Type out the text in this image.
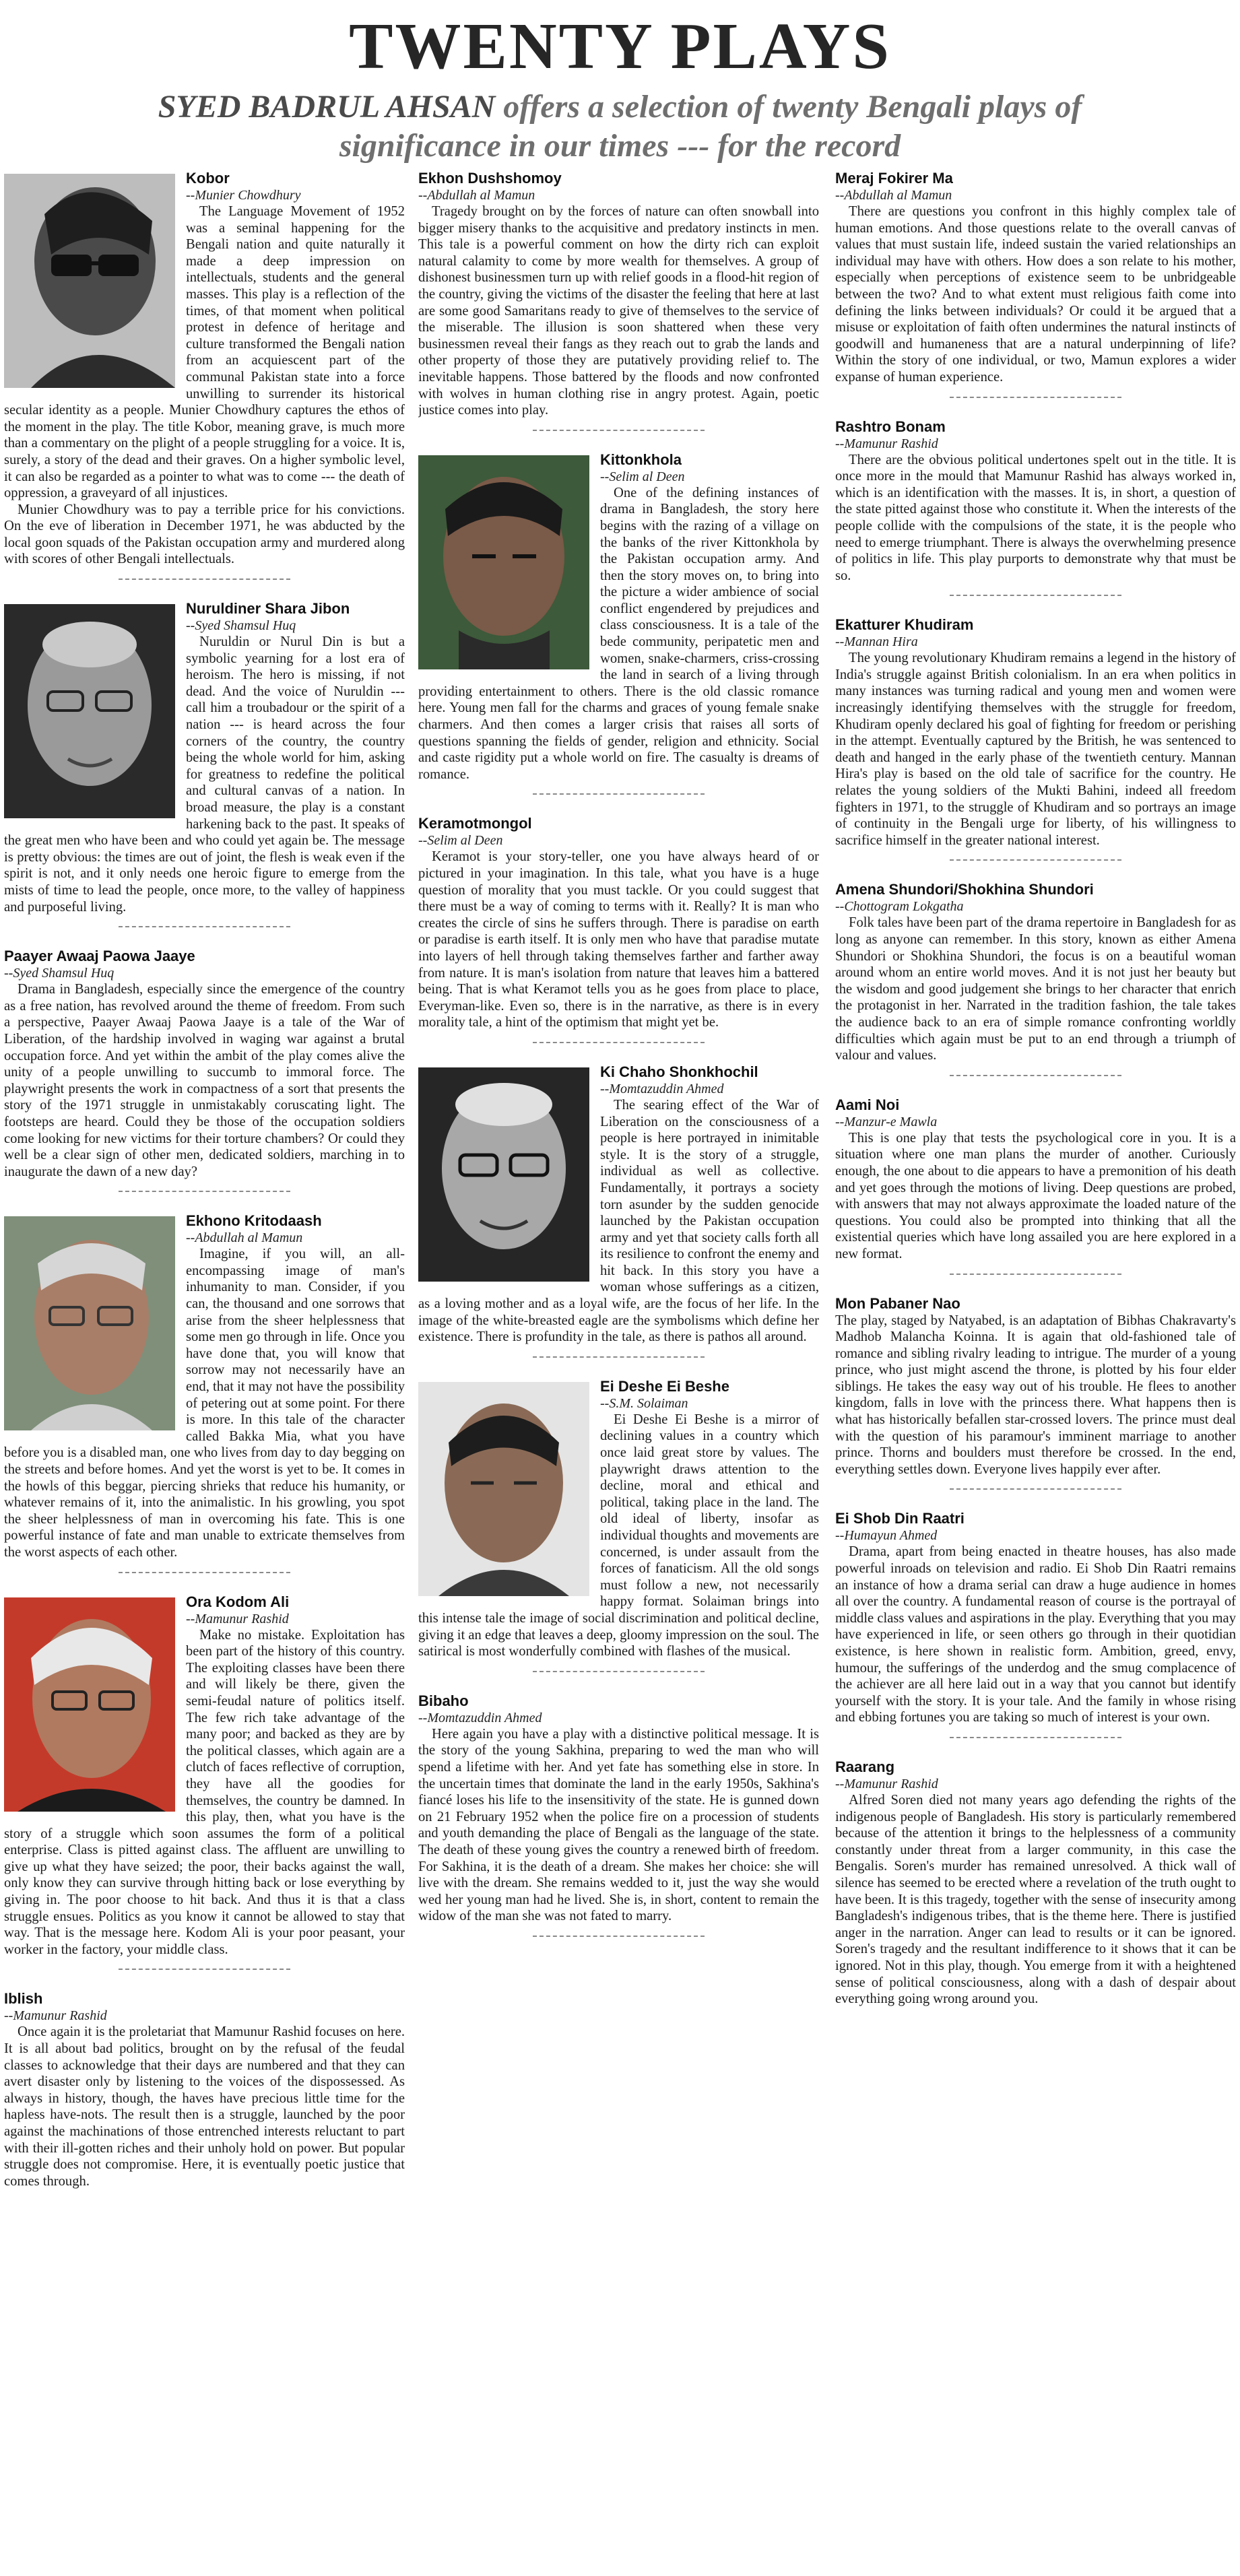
TWENTY PLAYS
SYED BADRUL AHSAN offers a selection of twenty Bengali plays of significance in our times --- for the record
Kobor

--Munier Chowdhury

The Language Movement of 1952 was a seminal happening for the Bengali nation and quite naturally it made a deep impression on intellectuals, students and the general masses. This play is a reflection of the times, of that moment when political protest in defence of heritage and culture transformed the Bengali nation from an acquiescent part of the communal Pakistan state into a force unwilling to surrender its historical secular identity as a people. Munier Chowdhury captures the ethos of the moment in the play. The title Kobor, meaning grave, is much more than a commentary on the plight of a people struggling for a voice. It is, surely, a story of the dead and their graves. On a higher symbolic level, it can also be regarded as a pointer to what was to come --- the death of oppression, a graveyard of all injustices.

Munier Chowdhury was to pay a terrible price for his convictions. On the eve of liberation in December 1971, he was abducted by the local goon squads of the Pakistan occupation army and murdered along with scores of other Bengali intellectuals.

Nuruldiner Shara Jibon

--Syed Shamsul Huq

Nuruldin or Nurul Din is but a symbolic yearning for a lost era of heroism. The hero is missing, if not dead. And the voice of Nuruldin --- call him a troubadour or the spirit of a nation --- is heard across the four corners of the country, the country being the whole world for him, asking for greatness to redefine the political and cultural canvas of a nation. In broad measure, the play is a constant harkening back to the past. It speaks of the great men who have been and who could yet again be. The message is pretty obvious: the times are out of joint, the flesh is weak even if the spirit is not, and it only needs one heroic figure to emerge from the mists of time to lead the people, once more, to the valley of happiness and purposeful living.

Paayer Awaaj Paowa Jaaye

--Syed Shamsul Huq

Drama in Bangladesh, especially since the emergence of the country as a free nation, has revolved around the theme of freedom. From such a perspective, Paayer Awaaj Paowa Jaaye is a tale of the War of Liberation, of the hardship involved in waging war against a brutal occupation force. And yet within the ambit of the play comes alive the unity of a people unwilling to succumb to immoral force. The playwright presents the work in compactness of a sort that presents the story of the 1971 struggle in unmistakably coruscating light. The footsteps are heard. Could they be those of the occupation soldiers come looking for new victims for their torture chambers? Or could they well be a clear sign of other men, dedicated soldiers, marching in to inaugurate the dawn of a new day?

Ekhono Kritodaash

--Abdullah al Mamun

Imagine, if you will, an all-encompassing image of man's inhumanity to man. Consider, if you can, the thousand and one sorrows that arise from the sheer helplessness that some men go through in life. Once you have done that, you will know that sorrow may not necessarily have an end, that it may not have the possibility of petering out at some point. For there is more. In this tale of the character called Bakka Mia, what you have before you is a disabled man, one who lives from day to day begging on the streets and before homes. And yet the worst is yet to be. It comes in the howls of this beggar, piercing shrieks that reduce his humanity, or whatever remains of it, into the animalistic. In his growling, you spot the sheer helplessness of man in overcoming his fate. This is one powerful instance of fate and man unable to extricate themselves from the worst aspects of each other.

Ora Kodom Ali

--Mamunur Rashid

Make no mistake. Exploitation has been part of the history of this country. The exploiting classes have been there and will likely be there, given the semi-feudal nature of politics itself. The few rich take advantage of the many poor; and backed as they are by the political classes, which again are a clutch of faces reflective of corruption, they have all the goodies for themselves, the country be damned. In this play, then, what you have is the story of a struggle which soon assumes the form of a political enterprise. Class is pitted against class. The affluent are unwilling to give up what they have seized; the poor, their backs against the wall, only know they can survive through hitting back or lose everything by giving in. The poor choose to hit back. And thus it is that a class struggle ensues. Politics as you know it cannot be allowed to stay that way. That is the message here. Kodom Ali is your poor peasant, your worker in the factory, your middle class.

Iblish

--Mamunur Rashid

Once again it is the proletariat that Mamunur Rashid focuses on here. It is all about bad politics, brought on by the refusal of the feudal classes to acknowledge that their days are numbered and that they can avert disaster only by listening to the voices of the dispossessed. As always in history, though, the haves have precious little time for the hapless have-nots. The result then is a struggle, launched by the poor against the machinations of those entrenched interests reluctant to part with their ill-gotten riches and their unholy hold on power. But popular struggle does not compromise. Here, it is eventually poetic justice that comes through.

Ekhon Dushshomoy

--Abdullah al Mamun

Tragedy brought on by the forces of nature can often snowball into bigger misery thanks to the acquisitive and predatory instincts in men. This tale is a powerful comment on how the dirty rich can exploit natural calamity to come by more wealth for themselves. A group of dishonest businessmen turn up with relief goods in a flood-hit region of the country, giving the victims of the disaster the feeling that here at last are some good Samaritans ready to give of themselves to the service of the miserable. The illusion is soon shattered when these very businessmen reveal their fangs as they reach out to grab the lands and other property of those they are putatively providing relief to. The inevitable happens. Those battered by the floods and now confronted with wolves in human clothing rise in angry protest. Again, poetic justice comes into play.

Kittonkhola

--Selim al Deen

One of the defining instances of drama in Bangladesh, the story here begins with the razing of a village on the banks of the river Kittonkhola by the Pakistan occupation army. And then the story moves on, to bring into the picture a wider ambience of social conflict engendered by prejudices and class consciousness. It is a tale of the bede community, peripatetic men and women, snake-charmers, criss-crossing the land in search of a living through providing entertainment to others. There is the old classic romance here. Young men fall for the charms and graces of young female snake charmers. And then comes a larger crisis that raises all sorts of questions spanning the fields of gender, religion and ethnicity. Social and caste rigidity put a whole world on fire. The casualty is dreams of romance.

Keramotmongol

--Selim al Deen

Keramot is your story-teller, one you have always heard of or pictured in your imagination. In this tale, what you have is a huge question of morality that you must tackle. Or you could suggest that there must be a way of coming to terms with it. Really? It is man who creates the circle of sins he suffers through. There is paradise on earth or paradise is earth itself. It is only men who have that paradise mutate into layers of hell through taking themselves farther and farther away from nature. It is man's isolation from nature that leaves him a battered being. That is what Keramot tells you as he goes from place to place, Everyman-like. Even so, there is in the narrative, as there is in every morality tale, a hint of the optimism that might yet be.

Ki Chaho Shonkhochil

--Momtazuddin Ahmed

The searing effect of the War of Liberation on the consciousness of a people is here portrayed in inimitable style. It is the story of a struggle, individual as well as collective. Fundamentally, it portrays a society torn asunder by the sudden genocide launched by the Pakistan occupation army and yet that society calls forth all its resilience to confront the enemy and hit back. In this story you have a woman whose sufferings as a citizen, as a loving mother and as a loyal wife, are the focus of her life. In the image of the white-breasted eagle are the symbolisms which define her existence. There is profundity in the tale, as there is pathos all around.

Ei Deshe Ei Beshe

--S.M. Solaiman

Ei Deshe Ei Beshe is a mirror of declining values in a country which once laid great store by values. The playwright draws attention to the decline, moral and ethical and political, taking place in the land. The old ideal of liberty, insofar as individual thoughts and movements are concerned, is under assault from the forces of fanaticism. All the old songs must follow a new, not necessarily happy format. Solaiman brings into this intense tale the image of social discrimination and political decline, giving it an edge that leaves a deep, gloomy impression on the soul. The satirical is most wonderfully combined with flashes of the musical.

Bibaho

--Momtazuddin Ahmed

Here again you have a play with a distinctive political message. It is the story of the young Sakhina, preparing to wed the man who will spend a lifetime with her. And yet fate has something else in store. In the uncertain times that dominate the land in the early 1950s, Sakhina's fiancé loses his life to the insensitivity of the state. He is gunned down on 21 February 1952 when the police fire on a procession of students and youth demanding the place of Bengali as the language of the state. The death of these young gives the country a renewed birth of freedom. For Sakhina, it is the death of a dream. She makes her choice: she will live with the dream. She remains wedded to it, just the way she would wed her young man had he lived. She is, in short, content to remain the widow of the man she was not fated to marry.

Meraj Fokirer Ma

--Abdullah al Mamun

There are questions you confront in this highly complex tale of human emotions. And those questions relate to the overall canvas of values that must sustain life, indeed sustain the varied relationships an individual may have with others. How does a son relate to his mother, especially when perceptions of existence seem to be unbridgeable between the two? And to what extent must religious faith come into defining the links between individuals? Or could it be argued that a misuse or exploitation of faith often undermines the natural instincts of goodwill and humaneness that are a natural underpinning of life? Within the story of one individual, or two, Mamun explores a wider expanse of human experience.

Rashtro Bonam

--Mamunur Rashid

There are the obvious political undertones spelt out in the title. It is once more in the mould that Mamunur Rashid has always worked in, which is an identification with the masses. It is, in short, a question of the state pitted against those who constitute it. When the interests of the people collide with the compulsions of the state, it is the people who need to emerge triumphant. There is always the overwhelming presence of politics in life. This play purports to demonstrate why that must be so.

Ekatturer Khudiram

--Mannan Hira

The young revolutionary Khudiram remains a legend in the history of India's struggle against British colonialism. In an era when politics in many instances was turning radical and young men and women were increasingly identifying themselves with the struggle for freedom, Khudiram openly declared his goal of fighting for freedom or perishing in the attempt. Eventually captured by the British, he was sentenced to death and hanged in the early phase of the twentieth century. Mannan Hira's play is based on the old tale of sacrifice for the country. He relates the young soldiers of the Mukti Bahini, indeed all freedom fighters in 1971, to the struggle of Khudiram and so portrays an image of continuity in the Bengali urge for liberty, of his willingness to sacrifice himself in the greater national interest.

Amena Shundori/Shokhina Shundori

--Chottogram Lokgatha

Folk tales have been part of the drama repertoire in Bangladesh for as long as anyone can remember. In this story, known as either Amena Shundori or Shokhina Shundori, the focus is on a beautiful woman around whom an entire world moves. And it is not just her beauty but the wisdom and good judgement she brings to her character that enrich the protagonist in her. Narrated in the tradition fashion, the tale takes the audience back to an era of simple romance confronting worldly difficulties which again must be put to an end through a triumph of valour and values.

Aami Noi

--Manzur-e Mawla

This is one play that tests the psychological core in you. It is a situation where one man plans the murder of another. Curiously enough, the one about to die appears to have a premonition of his death and yet goes through the motions of living. Deep questions are probed, with answers that may not always approximate the loaded nature of the questions. You could also be prompted into thinking that all the existential queries which have long assailed you are here explored in a new format.

Mon Pabaner Nao

The play, staged by Natyabed, is an adaptation of Bibhas Chakravarty's Madhob Malancha Koinna. It is again that old-fashioned tale of romance and sibling rivalry leading to intrigue. The murder of a young prince, who just might ascend the throne, is plotted by his four elder siblings. He takes the easy way out of his trouble. He flees to another kingdom, falls in love with the princess there. What happens then is what has historically befallen star-crossed lovers. The prince must deal with the question of his paramour's imminent marriage to another prince. Thorns and boulders must therefore be crossed. In the end, everything settles down. Everyone lives happily ever after.

Ei Shob Din Raatri

--Humayun Ahmed

Drama, apart from being enacted in theatre houses, has also made powerful inroads on television and radio. Ei Shob Din Raatri remains an instance of how a drama serial can draw a huge audience in homes all over the country. A fundamental reason of course is the portrayal of middle class values and aspirations in the play. Everything that you may have experienced in life, or seen others go through in their quotidian existence, is here shown in realistic form. Ambition, greed, envy, humour, the sufferings of the underdog and the smug complacence of the achiever are all here laid out in a way that you cannot but identify yourself with the story. It is your tale. And the family in whose rising and ebbing fortunes you are taking so much of interest is your own.

Raarang

--Mamunur Rashid

Alfred Soren died not many years ago defending the rights of the indigenous people of Bangladesh. His story is particularly remembered because of the attention it brings to the helplessness of a community constantly under threat from a larger community, in this case the Bengalis. Soren's murder has remained unresolved. A thick wall of silence has seemed to be erected where a revelation of the truth ought to have been. It is this tragedy, together with the sense of insecurity among Bangladesh's indigenous tribes, that is the theme here. There is justified anger in the narration. Anger can lead to results or it can be ignored. Soren's tragedy and the resultant indifference to it shows that it can be ignored. Not in this play, though. You emerge from it with a heightened sense of political consciousness, along with a dash of despair about everything going wrong around you.
